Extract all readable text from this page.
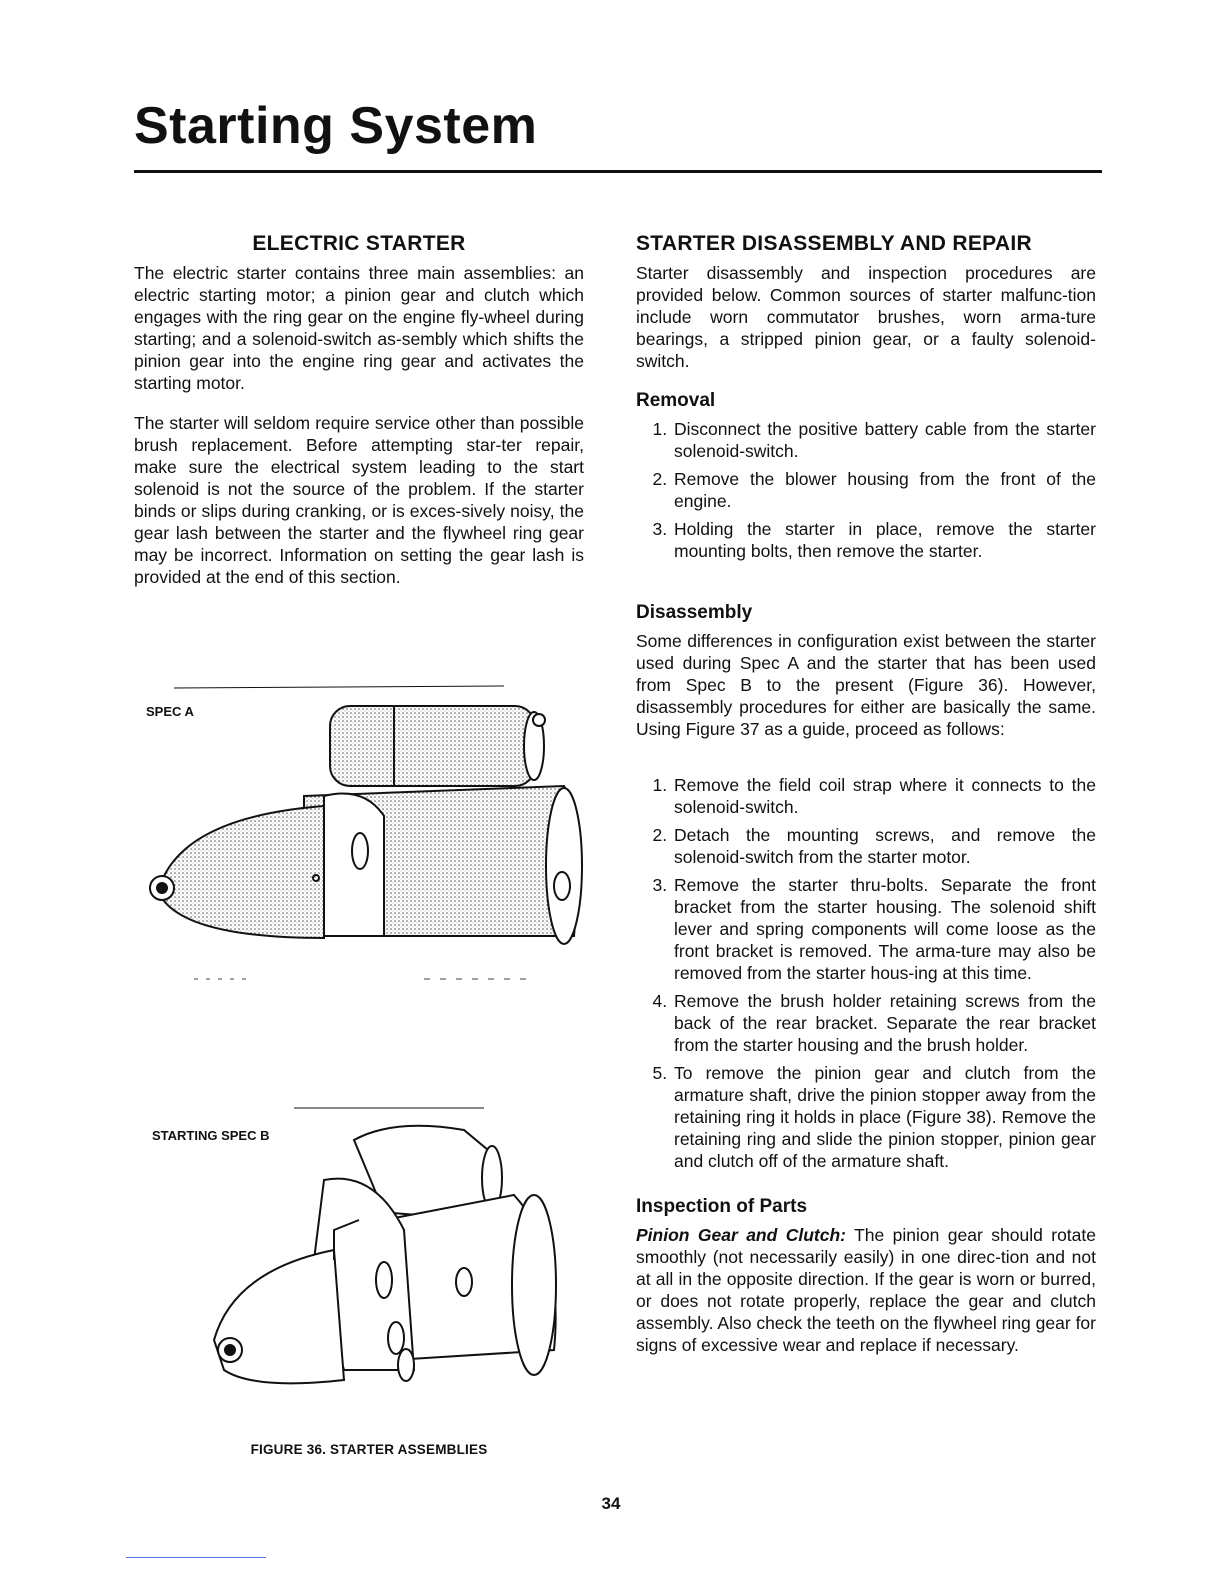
Starting System
ELECTRIC STARTER

The electric starter contains three main assemblies: an electric starting motor; a pinion gear and clutch which engages with the ring gear on the engine fly-wheel during starting; and a solenoid-switch as-sembly which shifts the pinion gear into the engine ring gear and activates the starting motor.

The starter will seldom require service other than possible brush replacement. Before attempting star-ter repair, make sure the electrical system leading to the start solenoid is not the source of the problem. If the starter binds or slips during cranking, or is exces-sively noisy, the gear lash between the starter and the flywheel ring gear may be incorrect. Information on setting the gear lash is provided at the end of this section.

SPEC A
STARTING SPEC B
FIGURE 36. STARTER ASSEMBLIES
STARTER DISASSEMBLY AND REPAIR

Starter disassembly and inspection procedures are provided below. Common sources of starter malfunc-tion include worn commutator brushes, worn arma-ture bearings, a stripped pinion gear, or a faulty solenoid-switch.

Removal
1. Disconnect the positive battery cable from the starter solenoid-switch.
2. Remove the blower housing from the front of the engine.
3. Holding the starter in place, remove the starter mounting bolts, then remove the starter.
Disassembly

Some differences in configuration exist between the starter used during Spec A and the starter that has been used from Spec B to the present (Figure 36). However, disassembly procedures for either are basically the same. Using Figure 37 as a guide, proceed as follows:

1. Remove the field coil strap where it connects to the solenoid-switch.
2. Detach the mounting screws, and remove the solenoid-switch from the starter motor.
3. Remove the starter thru-bolts. Separate the front bracket from the starter housing. The solenoid shift lever and spring components will come loose as the front bracket is removed. The arma-ture may also be removed from the starter hous-ing at this time.
4. Remove the brush holder retaining screws from the back of the rear bracket. Separate the rear bracket from the starter housing and the brush holder.
5. To remove the pinion gear and clutch from the armature shaft, drive the pinion stopper away from the retaining ring it holds in place (Figure 38). Remove the retaining ring and slide the pinion stopper, pinion gear and clutch off of the armature shaft.
Inspection of Parts

Pinion Gear and Clutch: The pinion gear should rotate smoothly (not necessarily easily) in one direc-tion and not at all in the opposite direction. If the gear is worn or burred, or does not rotate properly, replace the gear and clutch assembly. Also check the teeth on the flywheel ring gear for signs of excessive wear and replace if necessary.

34
